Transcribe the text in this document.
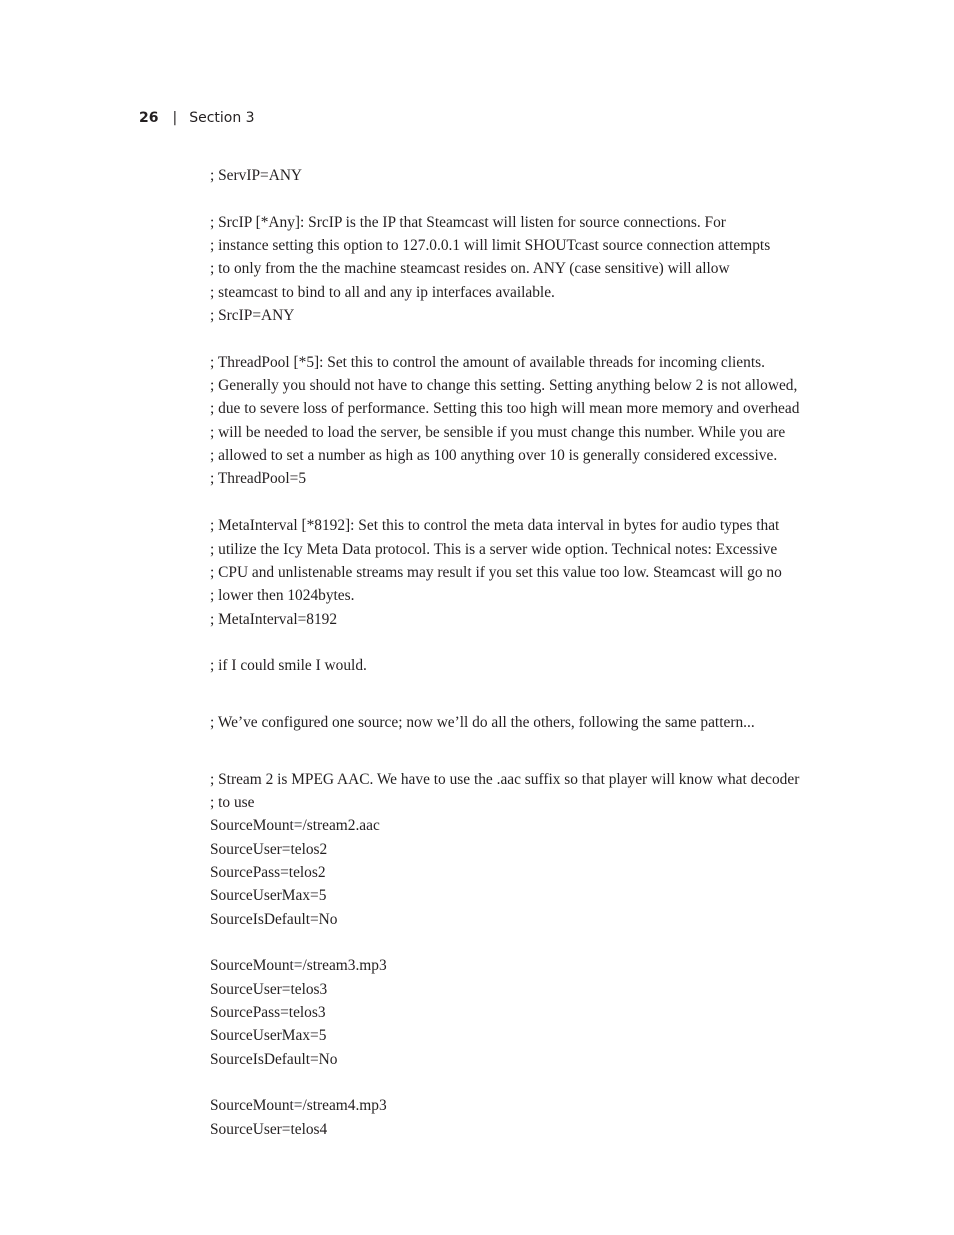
26 | Section 3
; ServIP=ANY
; SrcIP [*Any]: SrcIP is the IP that Steamcast will listen for source connections. For
; instance setting this option to 127.0.0.1 will limit SHOUTcast source connection attempts
; to only from the the machine steamcast resides on. ANY (case sensitive) will allow
; steamcast to bind to all and any ip interfaces available.
; SrcIP=ANY
; ThreadPool [*5]: Set this to control the amount of available threads for incoming clients.
; Generally you should not have to change this setting. Setting anything below 2 is not allowed,
; due to severe loss of performance. Setting this too high will mean more memory and overhead
; will be needed to load the server, be sensible if you must change this number. While you are
; allowed to set a number as high as 100 anything over 10 is generally considered excessive.
; ThreadPool=5
; MetaInterval [*8192]: Set this to control the meta data interval in bytes for audio types that
; utilize the Icy Meta Data protocol. This is a server wide option. Technical notes: Excessive
; CPU and unlistenable streams may result if you set this value too low. Steamcast will go no
; lower then 1024bytes.
; MetaInterval=8192
; if I could smile I would.
; We’ve configured one source; now we’ll do all the others, following the same pattern...
; Stream 2 is MPEG AAC. We have to use the .aac suffix so that player will know what decoder
; to use
SourceMount=/stream2.aac
SourceUser=telos2
SourcePass=telos2
SourceUserMax=5
SourceIsDefault=No
SourceMount=/stream3.mp3
SourceUser=telos3
SourcePass=telos3
SourceUserMax=5
SourceIsDefault=No
SourceMount=/stream4.mp3
SourceUser=telos4
